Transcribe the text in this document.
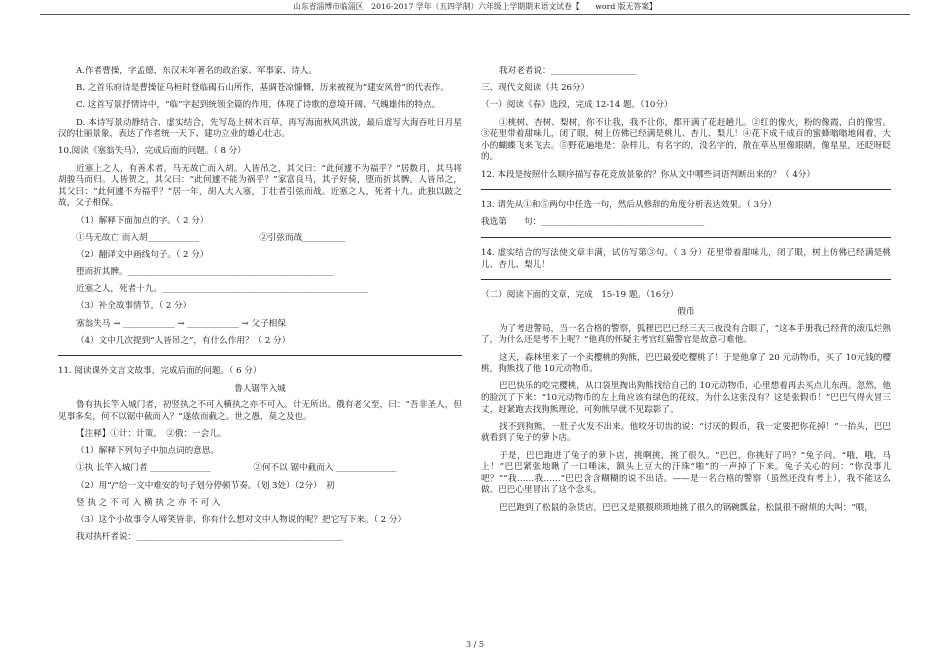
山东省淄博市临淄区　2016-2017 学年（五四学制）六年级上学期期末语文试卷【　　word 版无答案】

A.作者曹操，字孟德，东汉末年著名的政治家、军事家、诗人。

B. 之首乐府诗是曹操征乌桓时登临碣石山所作，基调苍凉慷慨，历来被视为“建安风骨”的代表作。

C. 这首写景抒情诗中，“临”字起到统领全篇的作用，体现了诗歌的意境开阔、气魄雄伟的特点。

D. 本诗写景动静结合、虚实结合，先写岛上树木百草，再写海面秋风洪波，最后虚写大海吞吐日月星汉的壮丽景象，表达了作者统一天下、建功立业的雄心壮志。

10.阅读《塞翁失马》，完成后面的问题。（ 8 分）

近塞上之人，有善术者，马无故亡而入胡。人皆吊之，其父曰：“此何遽不为福乎？”居数月，其马将胡骏马而归。人皆贺之，其父曰：“此何遽不能为祸乎？”家富良马，其子好骑，堕而折其髀。人皆吊之，其父曰：“此何遽不为福乎？”居一年，胡人大入塞，丁壮者引弦而战。近塞之人，死者十九。此独以跛之故，父子相保。

（1）解释下面加点的字。（ 2 分）

①马无故亡 而入胡____________　　　　　　　②引弦而战__________

（2）翻译文中画线句子。（ 2 分）

堕而折其髀。________________________________________________

近塞之人，死者十九。________________________________________________

（3）补全故事情节。（ 2 分）

塞翁失马 → ____________ → ____________ → 父子相保

（4）文中几次提到“人皆吊之”，有什么作用？（ 2 分）

11. 阅读课外文言文故事，完成后面的问题。（ 6 分）

鲁人锯竿入城

鲁有执长竿入城门者，初竖执之不可入横执之亦不可入。计无所出。俄有老父至，曰：“吾非圣人，但见事多矣，何不以锯中截而入？”遂依而截之。世之愚，莫之及也。

【注释】①计：计策。　②俄：一会儿。

（1）解释下列句子中加点词的意思。

①执 长竿入城门者 ______________　　　　　②何不以 锯中截而入 ______________

（2）用“/”给一文中难安的句子划分停顿节奏。（划 3处）（2分）　初

竖 执 之 不 可 入 横 执 之 亦 不 可 入

（3）这个小故事令人啼笑皆非，你有什么想对文中人物说的呢？把它写下来。（ 2 分）

我对执杆者说：________________________________________________

我对老者说：____________________

三、现代文阅读（共 26分）

（一）阅读《春》选段，完成 12-14 题。（10分）

①桃树、杏树、梨树，你不让我，我不让你，都开满了花赶趟儿。②红的像火，粉的像霞，白的像雪。③花里带着甜味儿，闭了眼，树上仿佛已经满是桃儿、杏儿、梨儿！④花下成千成百的蜜蜂嗡嗡地闹着，大小的蝴蝶飞来飞去。⑤野花遍地是：杂样儿，有名字的，没名字的，散在草丛里像眼睛，像星星，还眨呀眨的。

12. 本段是按照什么顺序描写春花竞放景象的？你从文中哪些词语判断出来的？（ 4分）

13. 请先从①和⑤两句中任选一句，然后从修辞的角度分析表达效果。（ 3分）

我选第　　句：______________________________________

14. 虚实结合的写法使文章丰满，试仿写第③句。（ 3 分）花里带着甜味儿，闭了眼，树上仿佛已经满是桃儿、杏儿、梨儿！

（二）阅读下面的文章，完成　15-19 题。（16分）

假币

为了考进警局，当一名合格的警察，狐狸巴巴已经三天三夜没有合眼了，“这本手册我已经背的滚瓜烂熟了，为什么还是考不上呢？”他真的怀疑主考官红猫警官是故意刁难他。

这天，森林里来了一个卖樱桃的狗熊，巴巴最爱吃樱桃了！于是他拿了 20 元动物币，买了 10元钱的樱桃，狗熊找了他 10元动物币。

巴巴快乐的吃完樱桃，从口袋里掏出狗熊找给自己的 10元动物币，心里想着再去买点儿东西。忽然，他的脸沉了下来：“10元动物币的左上角应该有绿色的花纹，为什么这张没有？这是张假币！”巴巴气得火冒三丈，赶紧跑去找狗熊理论，可狗熊早就不见踪影了。

找不到狗熊，一肚子火发不出来。他咬牙切齿的说：“讨厌的假币，我一定要把你花掉！”一抬头，巴巴就看到了兔子的萝卜店。

于是，巴巴跑进了兔子的萝卜店，挑啊挑，挑了很久。“巴巴，你挑好了吗？”兔子问。“哦，哦，马上！”巴巴紧张地瞅了一口唾沫，额头上豆大的汗珠“啪”的一声掉了下来。兔子关心的问：“你没事儿吧？”“我……我……”巴巴含含糊糊的说不出话。——是一名合格的警察（虽然还没有考上），我不能这么做。巴巴心里冒出了这个念头。

巴巴跑到了松鼠的杂货店，巴巴又是猥猥琐琐地挑了很久的锅碗瓢盆，松鼠很不耐烦的大叫：“喂，

3 / 5
